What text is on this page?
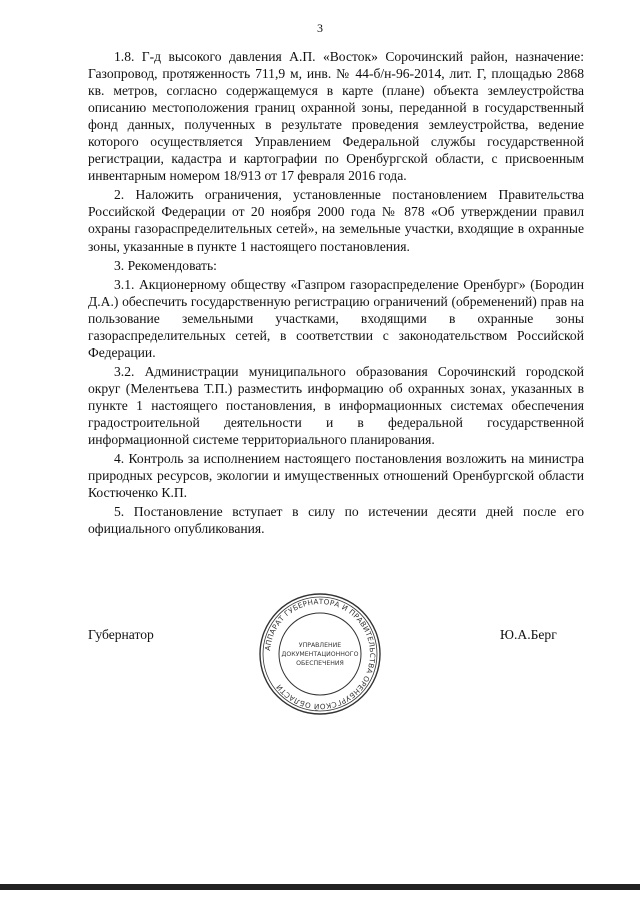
3

1.8. Г-д высокого давления А.П. «Восток» Сорочинский район, назначение: Газопровод, протяженность 711,9 м, инв. № 44-б/н-96-2014, лит. Г, площадью 2868 кв. метров, согласно содержащемуся в карте (плане) объекта землеустройства описанию местоположения границ охранной зоны, переданной в государственный фонд данных, полученных в результате проведения землеустройства, ведение которого осуществляется Управлением Федеральной службы государственной регистрации, кадастра и картографии по Оренбургской области, с присвоенным инвентарным номером 18/913 от 17 февраля 2016 года.

2. Наложить ограничения, установленные постановлением Правительства Российской Федерации от 20 ноября 2000 года № 878 «Об утверждении правил охраны газораспределительных сетей», на земельные участки, входящие в охранные зоны, указанные в пункте 1 настоящего постановления.

3. Рекомендовать:

3.1. Акционерному обществу «Газпром газораспределение Оренбург» (Бородин Д.А.) обеспечить государственную регистрацию ограничений (обременений) прав на пользование земельными участками, входящими в охранные зоны газораспределительных сетей, в соответствии с законодательством Российской Федерации.

3.2. Администрации муниципального образования Сорочинский городской округ (Мелентьева Т.П.) разместить информацию об охранных зонах, указанных в пункте 1 настоящего постановления, в информационных системах обеспечения градостроительной деятельности и в федеральной государственной информационной системе территориального планирования.

4. Контроль за исполнением настоящего постановления возложить на министра природных ресурсов, экологии и имущественных отношений Оренбургской области Костюченко К.П.

5. Постановление вступает в силу по истечении десяти дней после его официального опубликования.

Губернатор	Ю.А.Берг
АППАРАТ ГУБЕРНАТОРА И ПРАВИТЕЛЬСТВА ОРЕНБУРГСКОЙ ОБЛАСТИ
УПРАВЛЕНИЕ
ДОКУМЕНТАЦИОННОГО
ОБЕСПЕЧЕНИЯ
